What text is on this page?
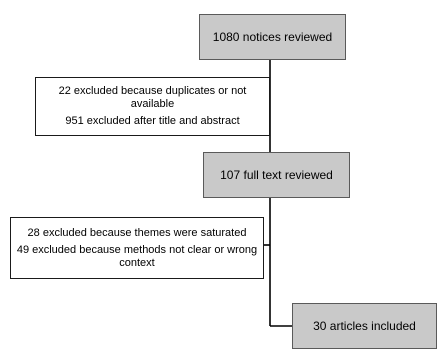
1080 notices reviewed
22 excluded because duplicates or not available
951 excluded after title and abstract
107 full text reviewed
28 excluded because themes were saturated
49 excluded because methods not clear or wrong context
30 articles included
